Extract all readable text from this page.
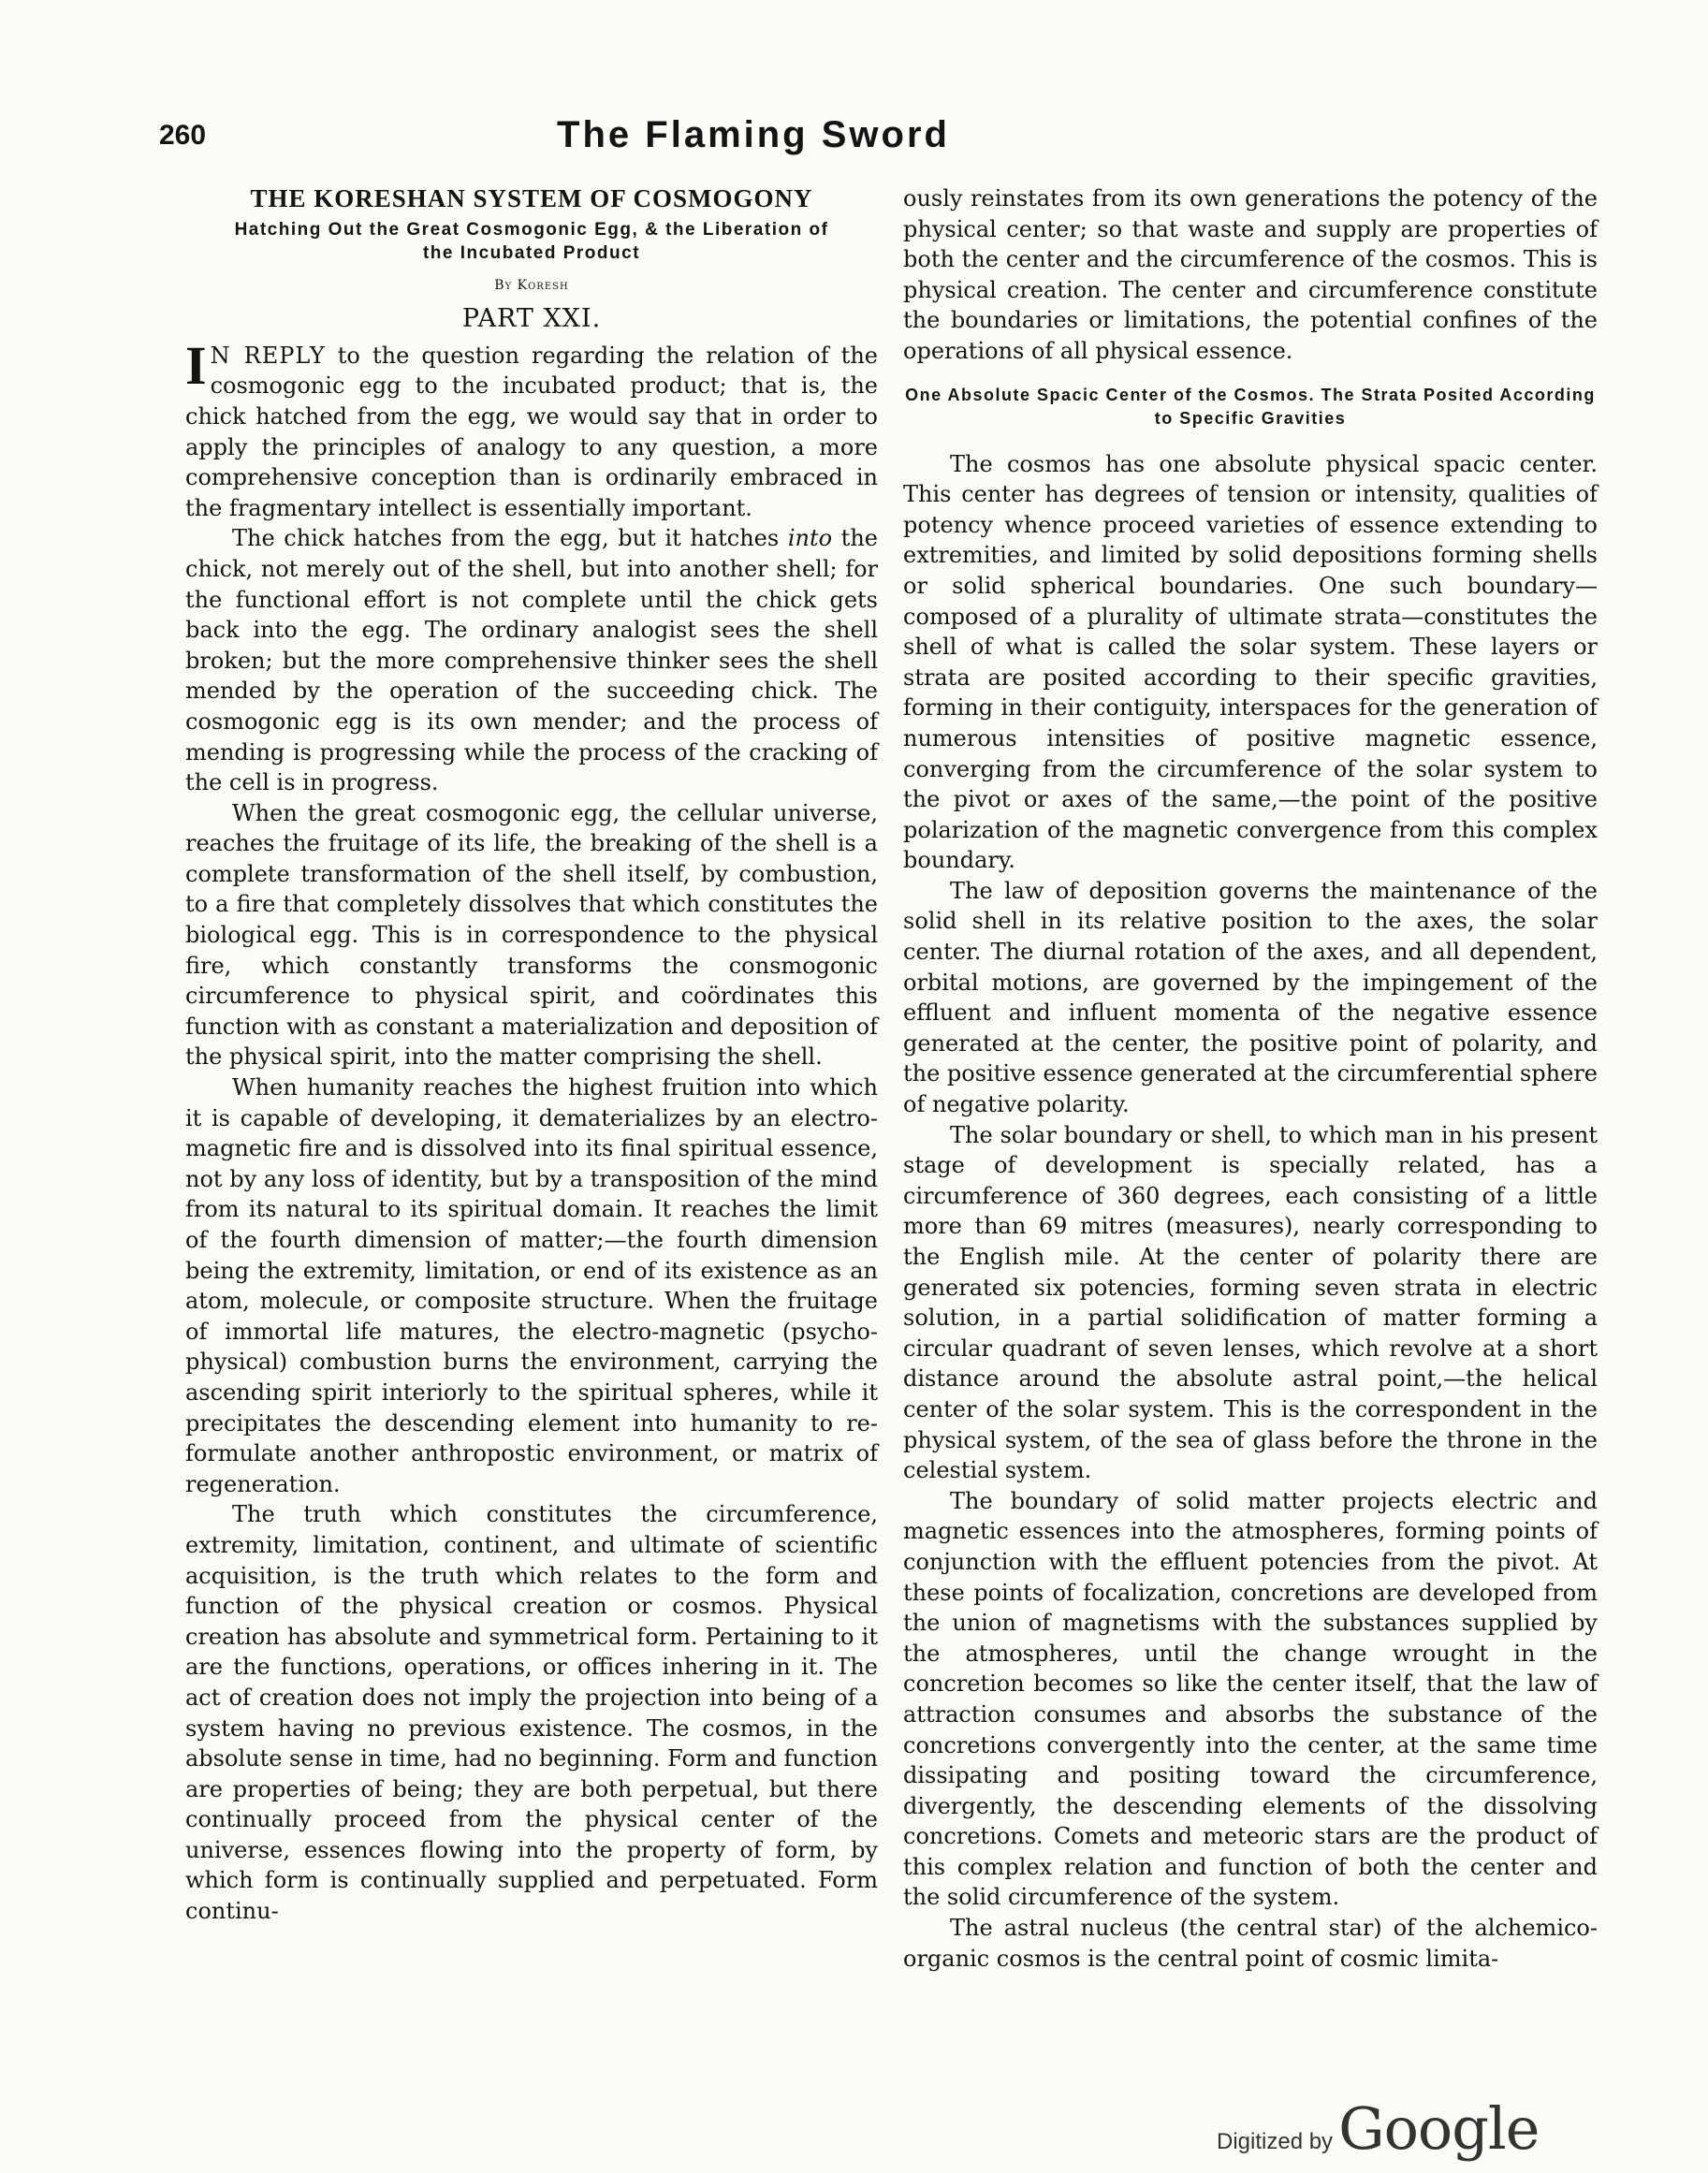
260	The Flaming Sword
THE KORESHAN SYSTEM OF COSMOGONY
Hatching Out the Great Cosmogonic Egg, & the Liberation of the Incubated Product
By Koresh
PART XXI.

I N REPLY to the question regarding the relation of the cosmogonic egg to the incubated product; that is, the chick hatched from the egg, we would say that in order to apply the principles of analogy to any question, a more comprehensive conception than is ordinarily embraced in the fragmentary intellect is essentially important.

The chick hatches from the egg, but it hatches into the chick, not merely out of the shell, but into another shell; for the functional effort is not complete until the chick gets back into the egg. The ordinary analogist sees the shell broken; but the more comprehensive thinker sees the shell mended by the operation of the succeeding chick. The cosmogonic egg is its own mender; and the process of mending is progressing while the process of the cracking of the cell is in progress.

When the great cosmogonic egg, the cellular universe, reaches the fruitage of its life, the breaking of the shell is a complete transformation of the shell itself, by combustion, to a fire that completely dissolves that which constitutes the biological egg. This is in correspondence to the physical fire, which constantly transforms the consmogonic circumference to physical spirit, and coördinates this function with as constant a materialization and deposition of the physical spirit, into the matter comprising the shell.

When humanity reaches the highest fruition into which it is capable of developing, it dematerializes by an electro-magnetic fire and is dissolved into its final spiritual essence, not by any loss of identity, but by a transposition of the mind from its natural to its spiritual domain. It reaches the limit of the fourth dimension of matter;—the fourth dimension being the extremity, limitation, or end of its existence as an atom, molecule, or composite structure. When the fruitage of immortal life matures, the electro-magnetic (psycho-physical) combustion burns the environment, carrying the ascending spirit interiorly to the spiritual spheres, while it precipitates the descending element into humanity to re-formulate another anthropostic environment, or matrix of regeneration.

The truth which constitutes the circumference, extremity, limitation, continent, and ultimate of scientific acquisition, is the truth which relates to the form and function of the physical creation or cosmos. Physical creation has absolute and symmetrical form. Pertaining to it are the functions, operations, or offices inhering in it. The act of creation does not imply the projection into being of a system having no previous existence. The cosmos, in the absolute sense in time, had no beginning. Form and function are properties of being; they are both perpetual, but there continually proceed from the physical center of the universe, essences flowing into the property of form, by which form is continually supplied and perpetuated. Form continu-

ously reinstates from its own generations the potency of the physical center; so that waste and supply are properties of both the center and the circumference of the cosmos. This is physical creation. The center and circumference constitute the boundaries or limitations, the potential confines of the operations of all physical essence.

One Absolute Spacic Center of the Cosmos. The Strata Posited According to Specific Gravities

The cosmos has one absolute physical spacic center. This center has degrees of tension or intensity, qualities of potency whence proceed varieties of essence extending to extremities, and limited by solid depositions forming shells or solid spherical boundaries. One such boundary—composed of a plurality of ultimate strata—constitutes the shell of what is called the solar system. These layers or strata are posited according to their specific gravities, forming in their contiguity, interspaces for the generation of numerous intensities of positive magnetic essence, converging from the circumference of the solar system to the pivot or axes of the same,—the point of the positive polarization of the magnetic convergence from this complex boundary.

The law of deposition governs the maintenance of the solid shell in its relative position to the axes, the solar center. The diurnal rotation of the axes, and all dependent, orbital motions, are governed by the impingement of the effluent and influent momenta of the negative essence generated at the center, the positive point of polarity, and the positive essence generated at the circumferential sphere of negative polarity.

The solar boundary or shell, to which man in his present stage of development is specially related, has a circumference of 360 degrees, each consisting of a little more than 69 mitres (measures), nearly corresponding to the English mile. At the center of polarity there are generated six potencies, forming seven strata in electric solution, in a partial solidification of matter forming a circular quadrant of seven lenses, which revolve at a short distance around the absolute astral point,—the helical center of the solar system. This is the correspondent in the physical system, of the sea of glass before the throne in the celestial system.

The boundary of solid matter projects electric and magnetic essences into the atmospheres, forming points of conjunction with the effluent potencies from the pivot. At these points of focalization, concretions are developed from the union of magnetisms with the substances supplied by the atmospheres, until the change wrought in the concretion becomes so like the center itself, that the law of attraction consumes and absorbs the substance of the concretions convergently into the center, at the same time dissipating and positing toward the circumference, divergently, the descending elements of the dissolving concretions. Comets and meteoric stars are the product of this complex relation and function of both the center and the solid circumference of the system.

The astral nucleus (the central star) of the alchemico-organic cosmos is the central point of cosmic limita-

Digitized by Google
